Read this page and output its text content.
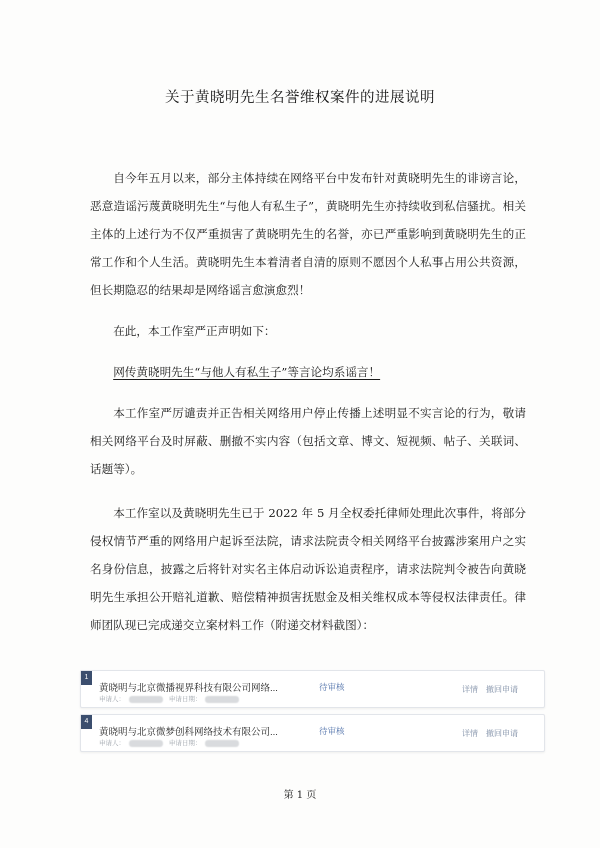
关于黄晓明先生名誉维权案件的进展说明

自今年五月以来，部分主体持续在网络平台中发布针对黄晓明先生的诽谤言论，恶意造谣污蔑黄晓明先生“与他人有私生子”，黄晓明先生亦持续收到私信骚扰。相关主体的上述行为不仅严重损害了黄晓明先生的名誉，亦已严重影响到黄晓明先生的正常工作和个人生活。黄晓明先生本着清者自清的原则不愿因个人私事占用公共资源，但长期隐忍的结果却是网络谣言愈演愈烈！

在此，本工作室严正声明如下：

网传黄晓明先生“与他人有私生子”等言论均系谣言！

本工作室严厉谴责并正告相关网络用户停止传播上述明显不实言论的行为，敬请相关网络平台及时屏蔽、删撤不实内容（包括文章、博文、短视频、帖子、关联词、话题等）。

本工作室以及黄晓明先生已于 2022 年 5 月全权委托律师处理此次事件，将部分侵权情节严重的网络用户起诉至法院，请求法院责令相关网络平台披露涉案用户之实名身份信息，披露之后将针对实名主体启动诉讼追责程序，请求法院判令被告向黄晓明先生承担公开赔礼道歉、赔偿精神损害抚慰金及相关维权成本等侵权法律责任。律师团队现已完成递交立案材料工作（附递交材料截图）：

1
黄晓明与北京微播视界科技有限公司网络...
申请人：	申请日期：
待审核	详情 撤回申请
4
黄晓明与北京微梦创科网络技术有限公司...
申请人：	申请日期：
待审核	详情 撤回申请
第 1 页
